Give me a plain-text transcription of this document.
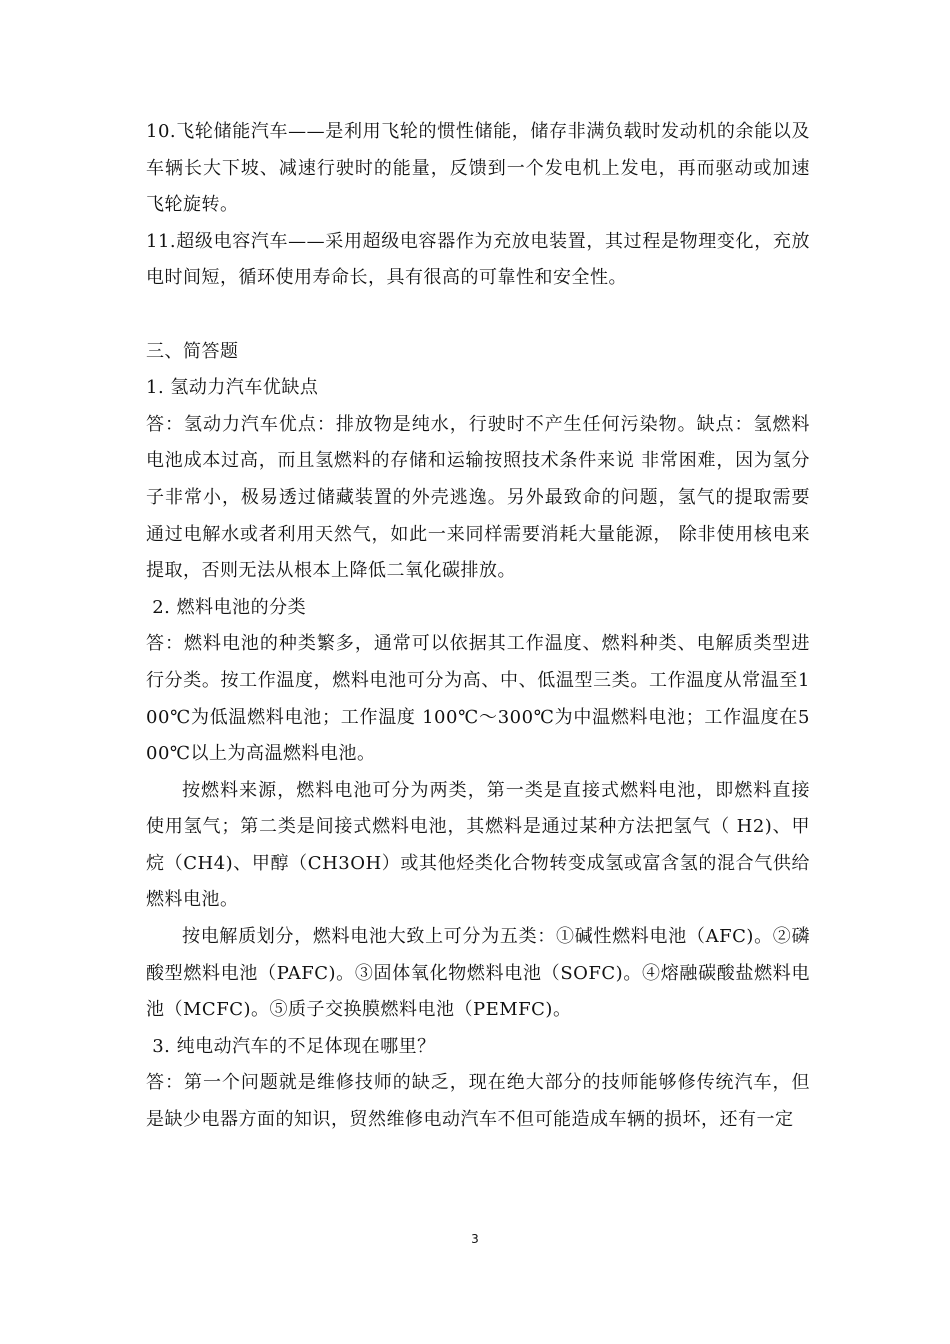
10.飞轮储能汽车——是利用飞轮的惯性储能，储存非满负载时发动机的余能以及车辆长大下坡、减速行驶时的能量，反馈到一个发电机上发电，再而驱动或加速飞轮旋转。

11.超级电容汽车——采用超级电容器作为充放电装置，其过程是物理变化，充放电时间短，循环使用寿命长，具有很高的可靠性和安全性。

三、简答题

1. 氢动力汽车优缺点

答：氢动力汽车优点：排放物是纯水，行驶时不产生任何污染物。缺点：氢燃料电池成本过高，而且氢燃料的存储和运输按照技术条件来说 非常困难，因为氢分子非常小，极易透过储藏装置的外壳逃逸。另外最致命的问题，氢气的提取需要通过电解水或者利用天然气，如此一来同样需要消耗大量能源， 除非使用核电来提取，否则无法从根本上降低二氧化碳排放。

2. 燃料电池的分类

答：燃料电池的种类繁多，通常可以依据其工作温度、燃料种类、电解质类型进行分类。按工作温度，燃料电池可分为高、中、低温型三类。工作温度从常温至100℃为低温燃料电池；工作温度 100℃～300℃为中温燃料电池；工作温度在500℃以上为高温燃料电池。

按燃料来源，燃料电池可分为两类，第一类是直接式燃料电池，即燃料直接使用氢气；第二类是间接式燃料电池，其燃料是通过某种方法把氢气（ H2)、甲烷（CH4)、甲醇（CH3OH）或其他烃类化合物转变成氢或富含氢的混合气供给燃料电池。

按电解质划分，燃料电池大致上可分为五类：①碱性燃料电池（AFC)。②磷酸型燃料电池（PAFC)。③固体氧化物燃料电池（SOFC)。④熔融碳酸盐燃料电池（MCFC)。⑤质子交换膜燃料电池（PEMFC)。

3. 纯电动汽车的不足体现在哪里？

答：第一个问题就是维修技师的缺乏，现在绝大部分的技师能够修传统汽车，但是缺少电器方面的知识，贸然维修电动汽车不但可能造成车辆的损坏，还有一定

3
